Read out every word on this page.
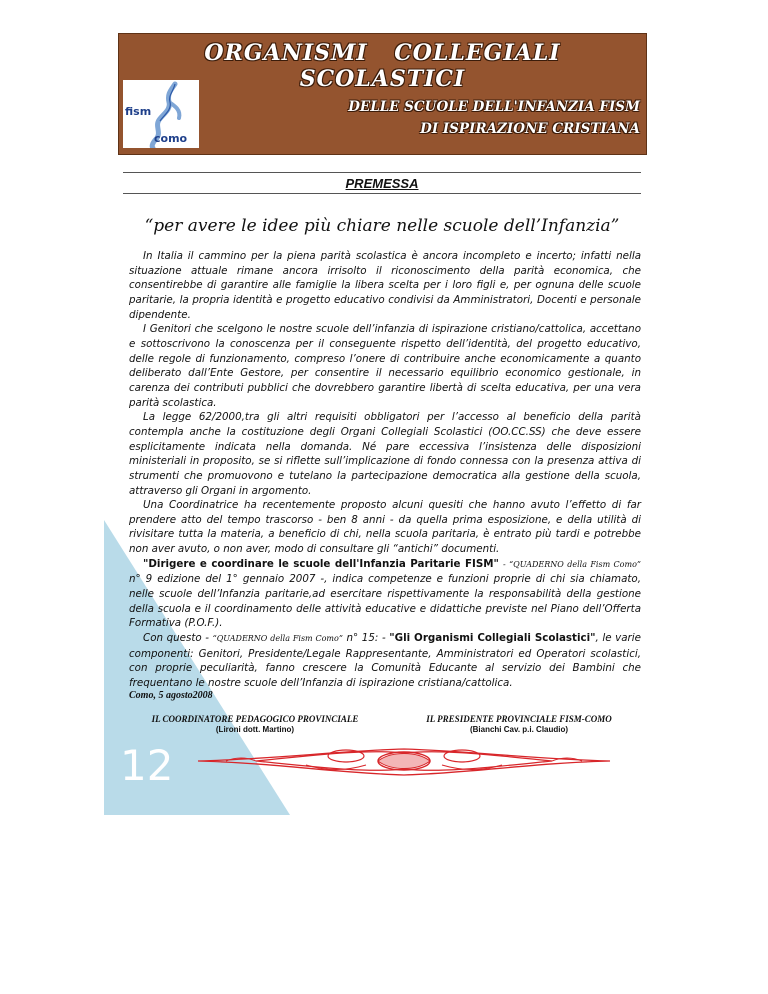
12
ORGANISMI COLLEGIALI SCOLASTICI
fism
como
DELLE SCUOLE DELL'INFANZIA FISM
DI ISPIRAZIONE CRISTIANA
PREMESSA
“per avere le idee più chiare nelle scuole dell’Infanzia”

In Italia il cammino per la piena parità scolastica è ancora incompleto e incerto; infatti nella situazione attuale rimane ancora irrisolto il riconoscimento della parità economica, che consentirebbe di garantire alle famiglie la libera scelta per i loro figli e, per ognuna delle scuole paritarie, la propria identità e progetto educativo condivisi da Amministratori, Docenti e personale dipendente.

I Genitori che scelgono le nostre scuole dell’infanzia di ispirazione cristiano/cattolica, accettano e sottoscrivono la conoscenza per il conseguente rispetto dell’identità, del progetto educativo, delle regole di funzionamento, compreso l’onere di contribuire anche economicamente a quanto deliberato dall’Ente Gestore, per consentire il necessario equilibrio economico gestionale, in carenza dei contributi pubblici che dovrebbero garantire libertà di scelta educativa, per una vera parità scolastica.

La legge 62/2000,tra gli altri requisiti obbligatori per l’accesso al beneficio della parità contempla anche la costituzione degli Organi Collegiali Scolastici (OO.CC.SS) che deve essere esplicitamente indicata nella domanda. Né pare eccessiva l’insistenza delle disposizioni ministeriali in proposito, se si riflette sull’implicazione di fondo connessa con la presenza attiva di strumenti che promuovono e tutelano la partecipazione democratica alla gestione della scuola, attraverso gli Organi in argomento.

Una Coordinatrice ha recentemente proposto alcuni quesiti che hanno avuto l’effetto di far prendere atto del tempo trascorso - ben 8 anni - da quella prima esposizione, e della utilità di rivisitare tutta la materia, a beneficio di chi, nella scuola paritaria, è entrato più tardi e potrebbe non aver avuto, o non aver, modo di consultare gli “antichi” documenti.

"Dirigere e coordinare le scuole dell'Infanzia Paritarie FISM" - “QUADERNO della Fism Como” n° 9 edizione del 1° gennaio 2007 -, indica competenze e funzioni proprie di chi sia chiamato, nelle scuole dell’Infanzia paritarie,ad esercitare rispettivamente la responsabilità della gestione della scuola e il coordinamento delle attività educative e didattiche previste nel Piano dell’Offerta Formativa (P.O.F.).

Con questo - “QUADERNO della Fism Como” n° 15: - "Gli Organismi Collegiali Scolastici", le varie componenti: Genitori, Presidente/Legale Rappresentante, Amministratori ed Operatori scolastici, con proprie peculiarità, fanno crescere la Comunità Educante al servizio dei Bambini che frequentano le nostre scuole dell’Infanzia di ispirazione cristiana/cattolica.

Como, 5 agosto2008
IL COORDINATORE PEDAGOGICO PROVINCIALE
(Lironi dott. Martino)
IL PRESIDENTE PROVINCIALE FISM-COMO
(Bianchi Cav. p.i. Claudio)
